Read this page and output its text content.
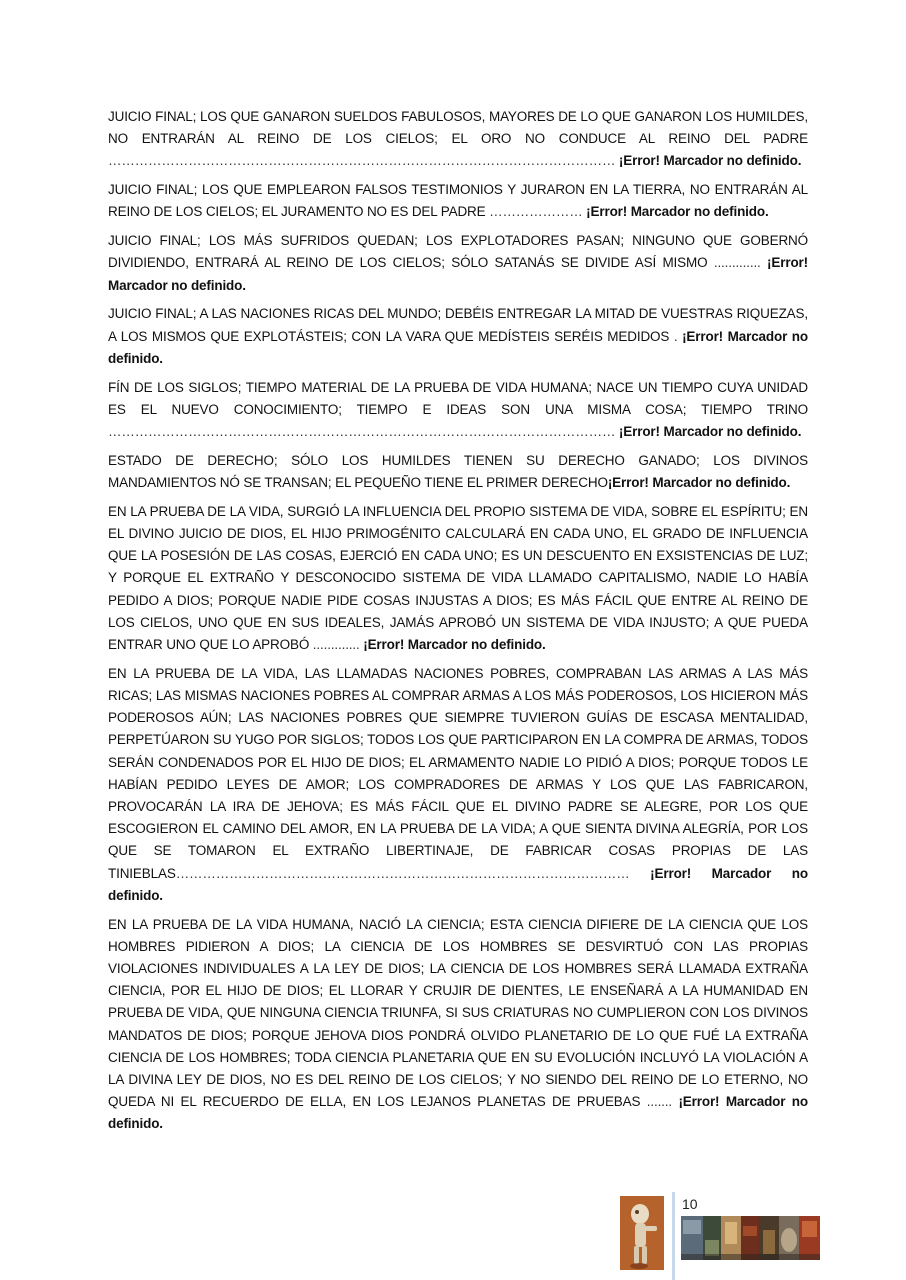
JUICIO FINAL; LOS QUE GANARON SUELDOS FABULOSOS, MAYORES DE LO QUE GANARON LOS HUMILDES, NO ENTRARÁN AL REINO DE LOS CIELOS; EL ORO NO CONDUCE AL REINO DEL PADRE …………………………………………………………………………………………………… ¡Error! Marcador no definido.

JUICIO FINAL; LOS QUE EMPLEARON FALSOS TESTIMONIOS Y JURARON EN LA TIERRA, NO ENTRARÁN AL REINO DE LOS CIELOS; EL JURAMENTO NO ES DEL PADRE ………………… ¡Error! Marcador no definido.

JUICIO FINAL; LOS MÁS SUFRIDOS QUEDAN; LOS EXPLOTADORES PASAN; NINGUNO QUE GOBERNÓ DIVIDIENDO, ENTRARÁ AL REINO DE LOS CIELOS; SÓLO SATANÁS SE DIVIDE ASÍ MISMO ............. ¡Error! Marcador no definido.

JUICIO FINAL; A LAS NACIONES RICAS DEL MUNDO; DEBÉIS ENTREGAR LA MITAD DE VUESTRAS RIQUEZAS, A LOS MISMOS QUE EXPLOTÁSTEIS; CON LA VARA QUE MEDÍSTEIS SERÉIS MEDIDOS . ¡Error! Marcador no definido.

FÍN DE LOS SIGLOS; TIEMPO MATERIAL DE LA PRUEBA DE VIDA HUMANA; NACE UN TIEMPO CUYA UNIDAD ES EL NUEVO CONOCIMIENTO; TIEMPO E IDEAS SON UNA MISMA COSA; TIEMPO TRINO …………………………………………………………………………………………………… ¡Error! Marcador no definido.

ESTADO DE DERECHO; SÓLO LOS HUMILDES TIENEN SU DERECHO GANADO; LOS DIVINOS MANDAMIENTOS NÓ SE TRANSAN; EL PEQUEÑO TIENE EL PRIMER DERECHO¡Error! Marcador no definido.

EN LA PRUEBA DE LA VIDA, SURGIÓ LA INFLUENCIA DEL PROPIO SISTEMA DE VIDA, SOBRE EL ESPÍRITU; EN EL DIVINO JUICIO DE DIOS, EL HIJO PRIMOGÉNITO CALCULARÁ EN CADA UNO, EL GRADO DE INFLUENCIA QUE LA POSESIÓN DE LAS COSAS, EJERCIÓ EN CADA UNO; ES UN DESCUENTO EN EXSISTENCIAS DE LUZ; Y PORQUE EL EXTRAÑO Y DESCONOCIDO SISTEMA DE VIDA LLAMADO CAPITALISMO, NADIE LO HABÍA PEDIDO A DIOS; PORQUE NADIE PIDE COSAS INJUSTAS A DIOS; ES MÁS FÁCIL QUE ENTRE AL REINO DE LOS CIELOS, UNO QUE EN SUS IDEALES, JAMÁS APROBÓ UN SISTEMA DE VIDA INJUSTO; A QUE PUEDA ENTRAR UNO QUE LO APROBÓ ............. ¡Error! Marcador no definido.

EN LA PRUEBA DE LA VIDA, LAS LLAMADAS NACIONES POBRES, COMPRABAN LAS ARMAS A LAS MÁS RICAS; LAS MISMAS NACIONES POBRES AL COMPRAR ARMAS A LOS MÁS PODEROSOS, LOS HICIERON MÁS PODEROSOS AÚN; LAS NACIONES POBRES QUE SIEMPRE TUVIERON GUÍAS DE ESCASA MENTALIDAD, PERPETÚARON SU YUGO POR SIGLOS; TODOS LOS QUE PARTICIPARON EN LA COMPRA DE ARMAS, TODOS SERÁN CONDENADOS POR EL HIJO DE DIOS; EL ARMAMENTO NADIE LO PIDIÓ A DIOS; PORQUE TODOS LE HABÍAN PEDIDO LEYES DE AMOR; LOS COMPRADORES DE ARMAS Y LOS QUE LAS FABRICARON, PROVOCARÁN LA IRA DE JEHOVA; ES MÁS FÁCIL QUE EL DIVINO PADRE SE ALEGRE, POR LOS QUE ESCOGIERON EL CAMINO DEL AMOR, EN LA PRUEBA DE LA VIDA; A QUE SIENTA DIVINA ALEGRÍA, POR LOS QUE SE TOMARON EL EXTRAÑO LIBERTINAJE, DE FABRICAR COSAS PROPIAS DE LAS TINIEBLAS………………………………………………………………………………………… ¡Error! Marcador no definido.

EN LA PRUEBA DE LA VIDA HUMANA, NACIÓ LA CIENCIA; ESTA CIENCIA DIFIERE DE LA CIENCIA QUE LOS HOMBRES PIDIERON A DIOS; LA CIENCIA DE LOS HOMBRES SE DESVIRTUÓ CON LAS PROPIAS VIOLACIONES INDIVIDUALES A LA LEY DE DIOS; LA CIENCIA DE LOS HOMBRES SERÁ LLAMADA EXTRAÑA CIENCIA, POR EL HIJO DE DIOS; EL LLORAR Y CRUJIR DE DIENTES, LE ENSEÑARÁ A LA HUMANIDAD EN PRUEBA DE VIDA, QUE NINGUNA CIENCIA TRIUNFA, SI SUS CRIATURAS NO CUMPLIERON CON LOS DIVINOS MANDATOS DE DIOS; PORQUE JEHOVA DIOS PONDRÁ OLVIDO PLANETARIO DE LO QUE FUÉ LA EXTRAÑA CIENCIA DE LOS HOMBRES; TODA CIENCIA PLANETARIA QUE EN SU EVOLUCIÓN INCLUYÓ LA VIOLACIÓN A LA DIVINA LEY DE DIOS, NO ES DEL REINO DE LOS CIELOS; Y NO SIENDO DEL REINO DE LO ETERNO, NO QUEDA NI EL RECUERDO DE ELLA, EN LOS LEJANOS PLANETAS DE PRUEBAS ....... ¡Error! Marcador no definido.

10
